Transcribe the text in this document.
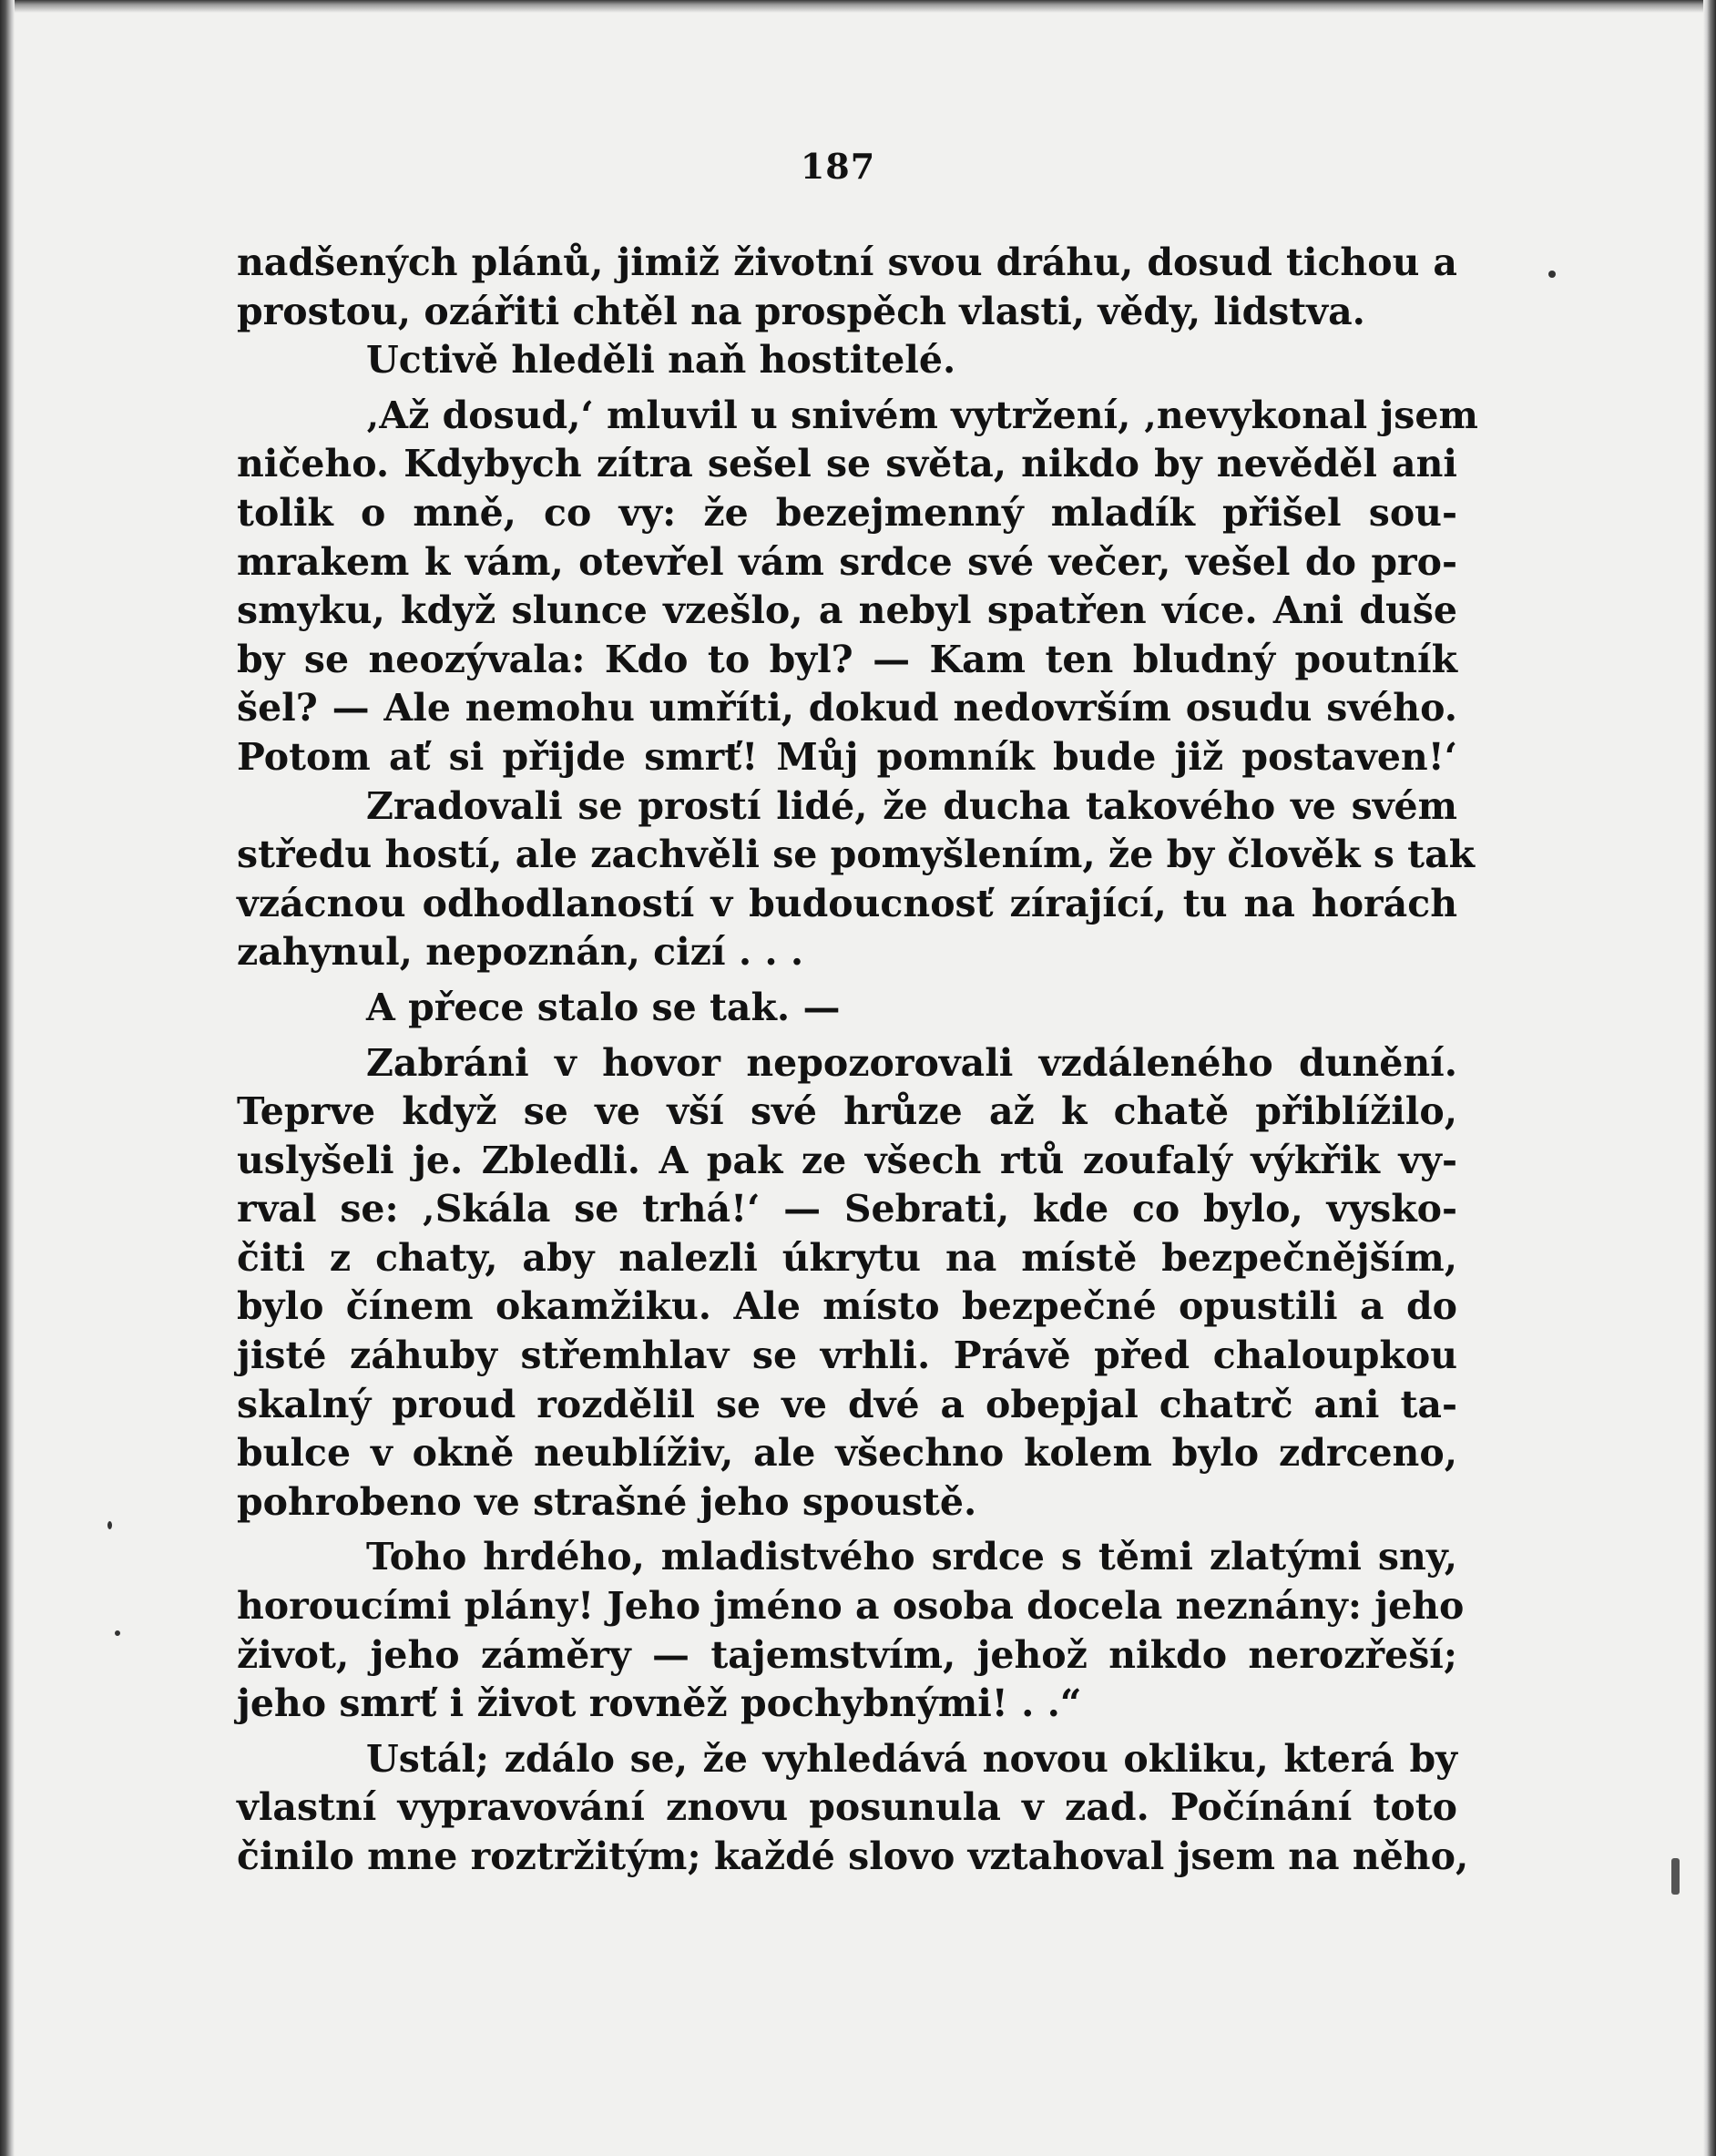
187
nadšených plánů, jimiž životní svou dráhu, dosud tichou a
prostou, ozářiti chtěl na prospěch vlasti, vědy, lidstva.
Uctivě hleděli naň hostitelé.
‚Až dosud,‘ mluvil u snivém vytržení, ‚nevykonal jsem
ničeho. Kdybych zítra sešel se světa, nikdo by nevěděl ani
tolik o mně, co vy: že bezejmenný mladík přišel sou-
mrakem k vám, otevřel vám srdce své večer, vešel do pro-
smyku, když slunce vzešlo, a nebyl spatřen více. Ani duše
by se neozývala: Kdo to byl? — Kam ten bludný poutník
šel? — Ale nemohu umříti, dokud nedovrším osudu svého.
Potom ať si přijde smrť! Můj pomník bude již postaven!‘
Zradovali se prostí lidé, že ducha takového ve svém
středu hostí, ale zachvěli se pomyšlením, že by člověk s tak
vzácnou odhodlaností v budoucnosť zírající, tu na horách
zahynul, nepoznán, cizí . . .
A přece stalo se tak. —
Zabráni v hovor nepozorovali vzdáleného dunění.
Teprve když se ve vší své hrůze až k chatě přiblížilo,
uslyšeli je. Zbledli. A pak ze všech rtů zoufalý výkřik vy-
rval se: ‚Skála se trhá!‘ — Sebrati, kde co bylo, vysko-
čiti z chaty, aby nalezli úkrytu na místě bezpečnějším,
bylo čínem okamžiku. Ale místo bezpečné opustili a do
jisté záhuby střemhlav se vrhli. Právě před chaloupkou
skalný proud rozdělil se ve dvé a obepjal chatrč ani ta-
bulce v okně neublíživ, ale všechno kolem bylo zdrceno,
pohrobeno ve strašné jeho spoustě.
Toho hrdého, mladistvého srdce s těmi zlatými sny,
horoucími plány! Jeho jméno a osoba docela neznány: jeho
život, jeho záměry — tajemstvím, jehož nikdo nerozřeší;
jeho smrť i život rovněž pochybnými! . .“
Ustál; zdálo se, že vyhledává novou okliku, která by
vlastní vypravování znovu posunula v zad. Počínání toto
činilo mne roztržitým; každé slovo vztahoval jsem na něho,
